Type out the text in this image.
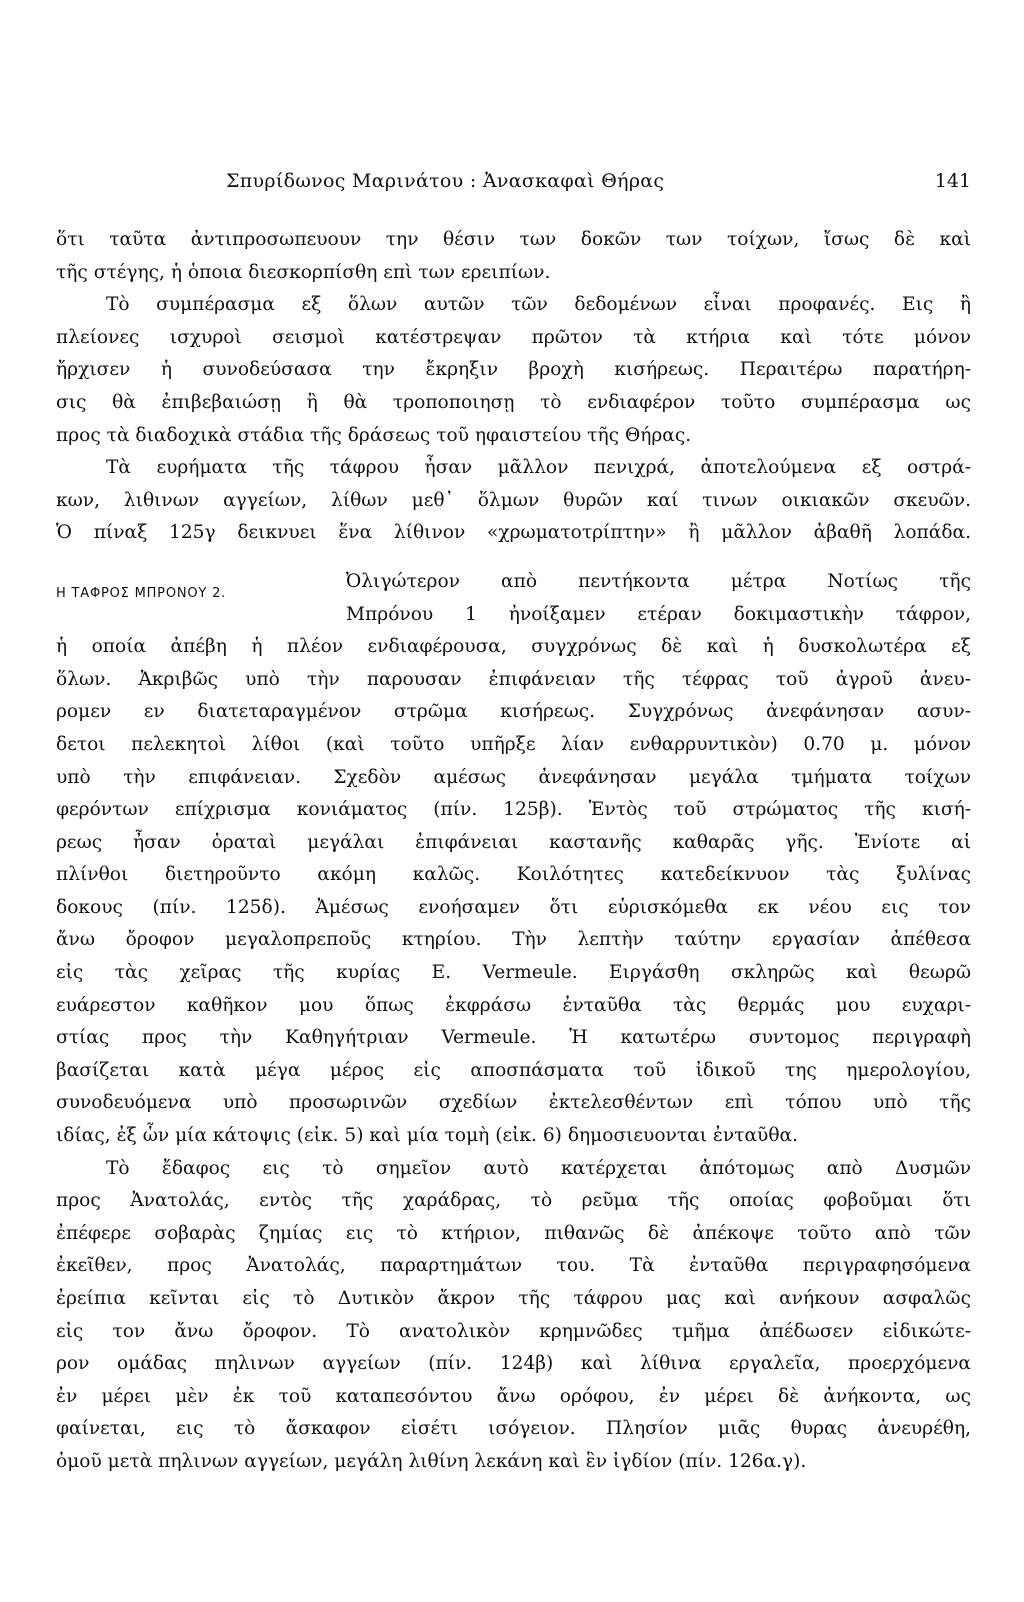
Σπυρίδωνος Μαρινάτου : Ἀνασκαφαὶ Θήρας	141
ὅτι ταῦτα ἀντιπροσωπευουν την θέσιν των δοκῶν των τοίχων, ἴσως δὲ καὶ
τῆς στέγης, ἡ ὁποια διεσκορπίσθη επὶ των ερειπίων.
Τὸ συμπέρασμα εξ ὅλων αυτῶν τῶν δεδομένων εἶναι προφανές. Εις ἢ
πλείονες ισχυροὶ σεισμοὶ κατέστρεψαν πρῶτον τὰ κτήρια καὶ τότε μόνον
ἤρχισεν ἡ συνοδεύσασα την ἔκρηξιν βροχὴ κισήρεως. Περαιτέρω παρατήρη-
σις θὰ ἐπιβεβαιώσῃ ἢ θὰ τροποποιησῃ τὸ ενδιαφέρον τοῦτο συμπέρασμα ως
προς τὰ διαδοχικὰ στάδια τῆς δράσεως τοῦ ηφαιστείου τῆς Θήρας.
Τὰ ευρήματα τῆς τάφρου ἦσαν μᾶλλον πενιχρά, ἀποτελούμενα εξ οστρά-
κων, λιθινων αγγείων, λίθων μεθ᾽ ὅλμων θυρῶν καί τινων οικιακῶν σκευῶν.
Ὁ πίναξ 125γ δεικνυει ἕνα λίθινον «χρωματοτρίπτην» ἢ μᾶλλον ἀβαθῆ λοπάδα.
Η ΤΑΦΡΟΣ ΜΠΡΟΝΟΥ 2.
Ὀλιγώτερον απὸ πεντήκοντα μέτρα Νοτίως τῆς
Μπρόνου 1 ἠνοίξαμεν ετέραν δοκιμαστικὴν τάφρον,
ἡ οποία ἀπέβη ἡ πλέον ενδιαφέρουσα, συγχρόνως δὲ καὶ ἡ δυσκολωτέρα εξ
ὅλων. Ἀκριβῶς υπὸ τὴν παρουσαν ἐπιφάνειαν τῆς τέφρας τοῦ ἀγροῦ ἀνευ-
ρομεν εν διατεταραγμένον στρῶμα κισήρεως. Συγχρόνως ἀνεφάνησαν ασυν-
δετοι πελεκητοὶ λίθοι (καὶ τοῦτο υπῆρξε λίαν ενθαρρυντικὸν) 0.70 μ. μόνον
υπὸ τὴν επιφάνειαν. Σχεδὸν αμέσως ἀνεφάνησαν μεγάλα τμήματα τοίχων
φερόντων επίχρισμα κονιάματος (πίν. 125β). Ἐντὸς τοῦ στρώματος τῆς κισή-
ρεως ἦσαν ὁραταὶ μεγάλαι ἐπιφάνειαι καστανῆς καθαρᾶς γῆς. Ἐνίοτε αἱ
πλίνθοι διετηροῦντο ακόμη καλῶς. Κοιλότητες κατεδείκνυον τὰς ξυλίνας
δοκους (πίν. 125δ). Ἀμέσως ενοήσαμεν ὅτι εὑρισκόμεθα εκ νέου εις τον
ἄνω ὄροφον μεγαλοπρεποῦς κτηρίου. Τὴν λεπτὴν ταύτην εργασίαν ἀπέθεσα
εἰς τὰς χεῖρας τῆς κυρίας E. Vermeule. Ειργάσθη σκληρῶς καὶ θεωρῶ
ευάρεστον καθῆκον μου ὅπως ἐκφράσω ἐνταῦθα τὰς θερμάς μου ευχαρι-
στίας προς τὴν Καθηγήτριαν Vermeule. Ἡ κατωτέρω συντομος περιγραφὴ
βασίζεται κατὰ μέγα μέρος εἰς αποσπάσματα τοῦ ἰδικοῦ της ημερολογίου,
συνοδευόμενα υπὸ προσωρινῶν σχεδίων ἐκτελεσθέντων επὶ τόπου υπὸ τῆς
ιδίας, ἐξ ὧν μία κάτοψις (εἰκ. 5) καὶ μία τομὴ (εἰκ. 6) δημοσιευονται ἐνταῦθα.
Τὸ ἔδαφος εις τὸ σημεῖον αυτὸ κατέρχεται ἀπότομως απὸ Δυσμῶν
προς Ἀνατολάς, εντὸς τῆς χαράδρας, τὸ ρεῦμα τῆς οποίας φοβοῦμαι ὅτι
ἐπέφερε σοβαρὰς ζημίας εις τὸ κτήριον, πιθανῶς δὲ ἀπέκοψε τοῦτο απὸ τῶν
ἐκεῖθεν, προς Ἀνατολάς, παραρτημάτων του. Τὰ ἐνταῦθα περιγραφησόμενα
ἐρείπια κεῖνται εἰς τὸ Δυτικὸν ἄκρον τῆς τάφρου μας καὶ ανήκουν ασφαλῶς
εἰς τον ἄνω ὄροφον. Τὸ ανατολικὸν κρημνῶδες τμῆμα ἀπέδωσεν εἰδικώτε-
ρον ομάδας πηλινων αγγείων (πίν. 124β) καὶ λίθινα εργαλεῖα, προερχόμενα
ἐν μέρει μὲν ἐκ τοῦ καταπεσόντου ἄνω ορόφου, ἐν μέρει δὲ ἀνήκοντα, ως
φαίνεται, εις τὸ ἄσκαφον εἰσέτι ισόγειον. Πλησίον μιᾶς θυρας ἀνευρέθη,
ὁμοῦ μετὰ πηλινων αγγείων, μεγάλη λιθίνη λεκάνη καὶ ἓν ἰγδίον (πίν. 126α.γ).
